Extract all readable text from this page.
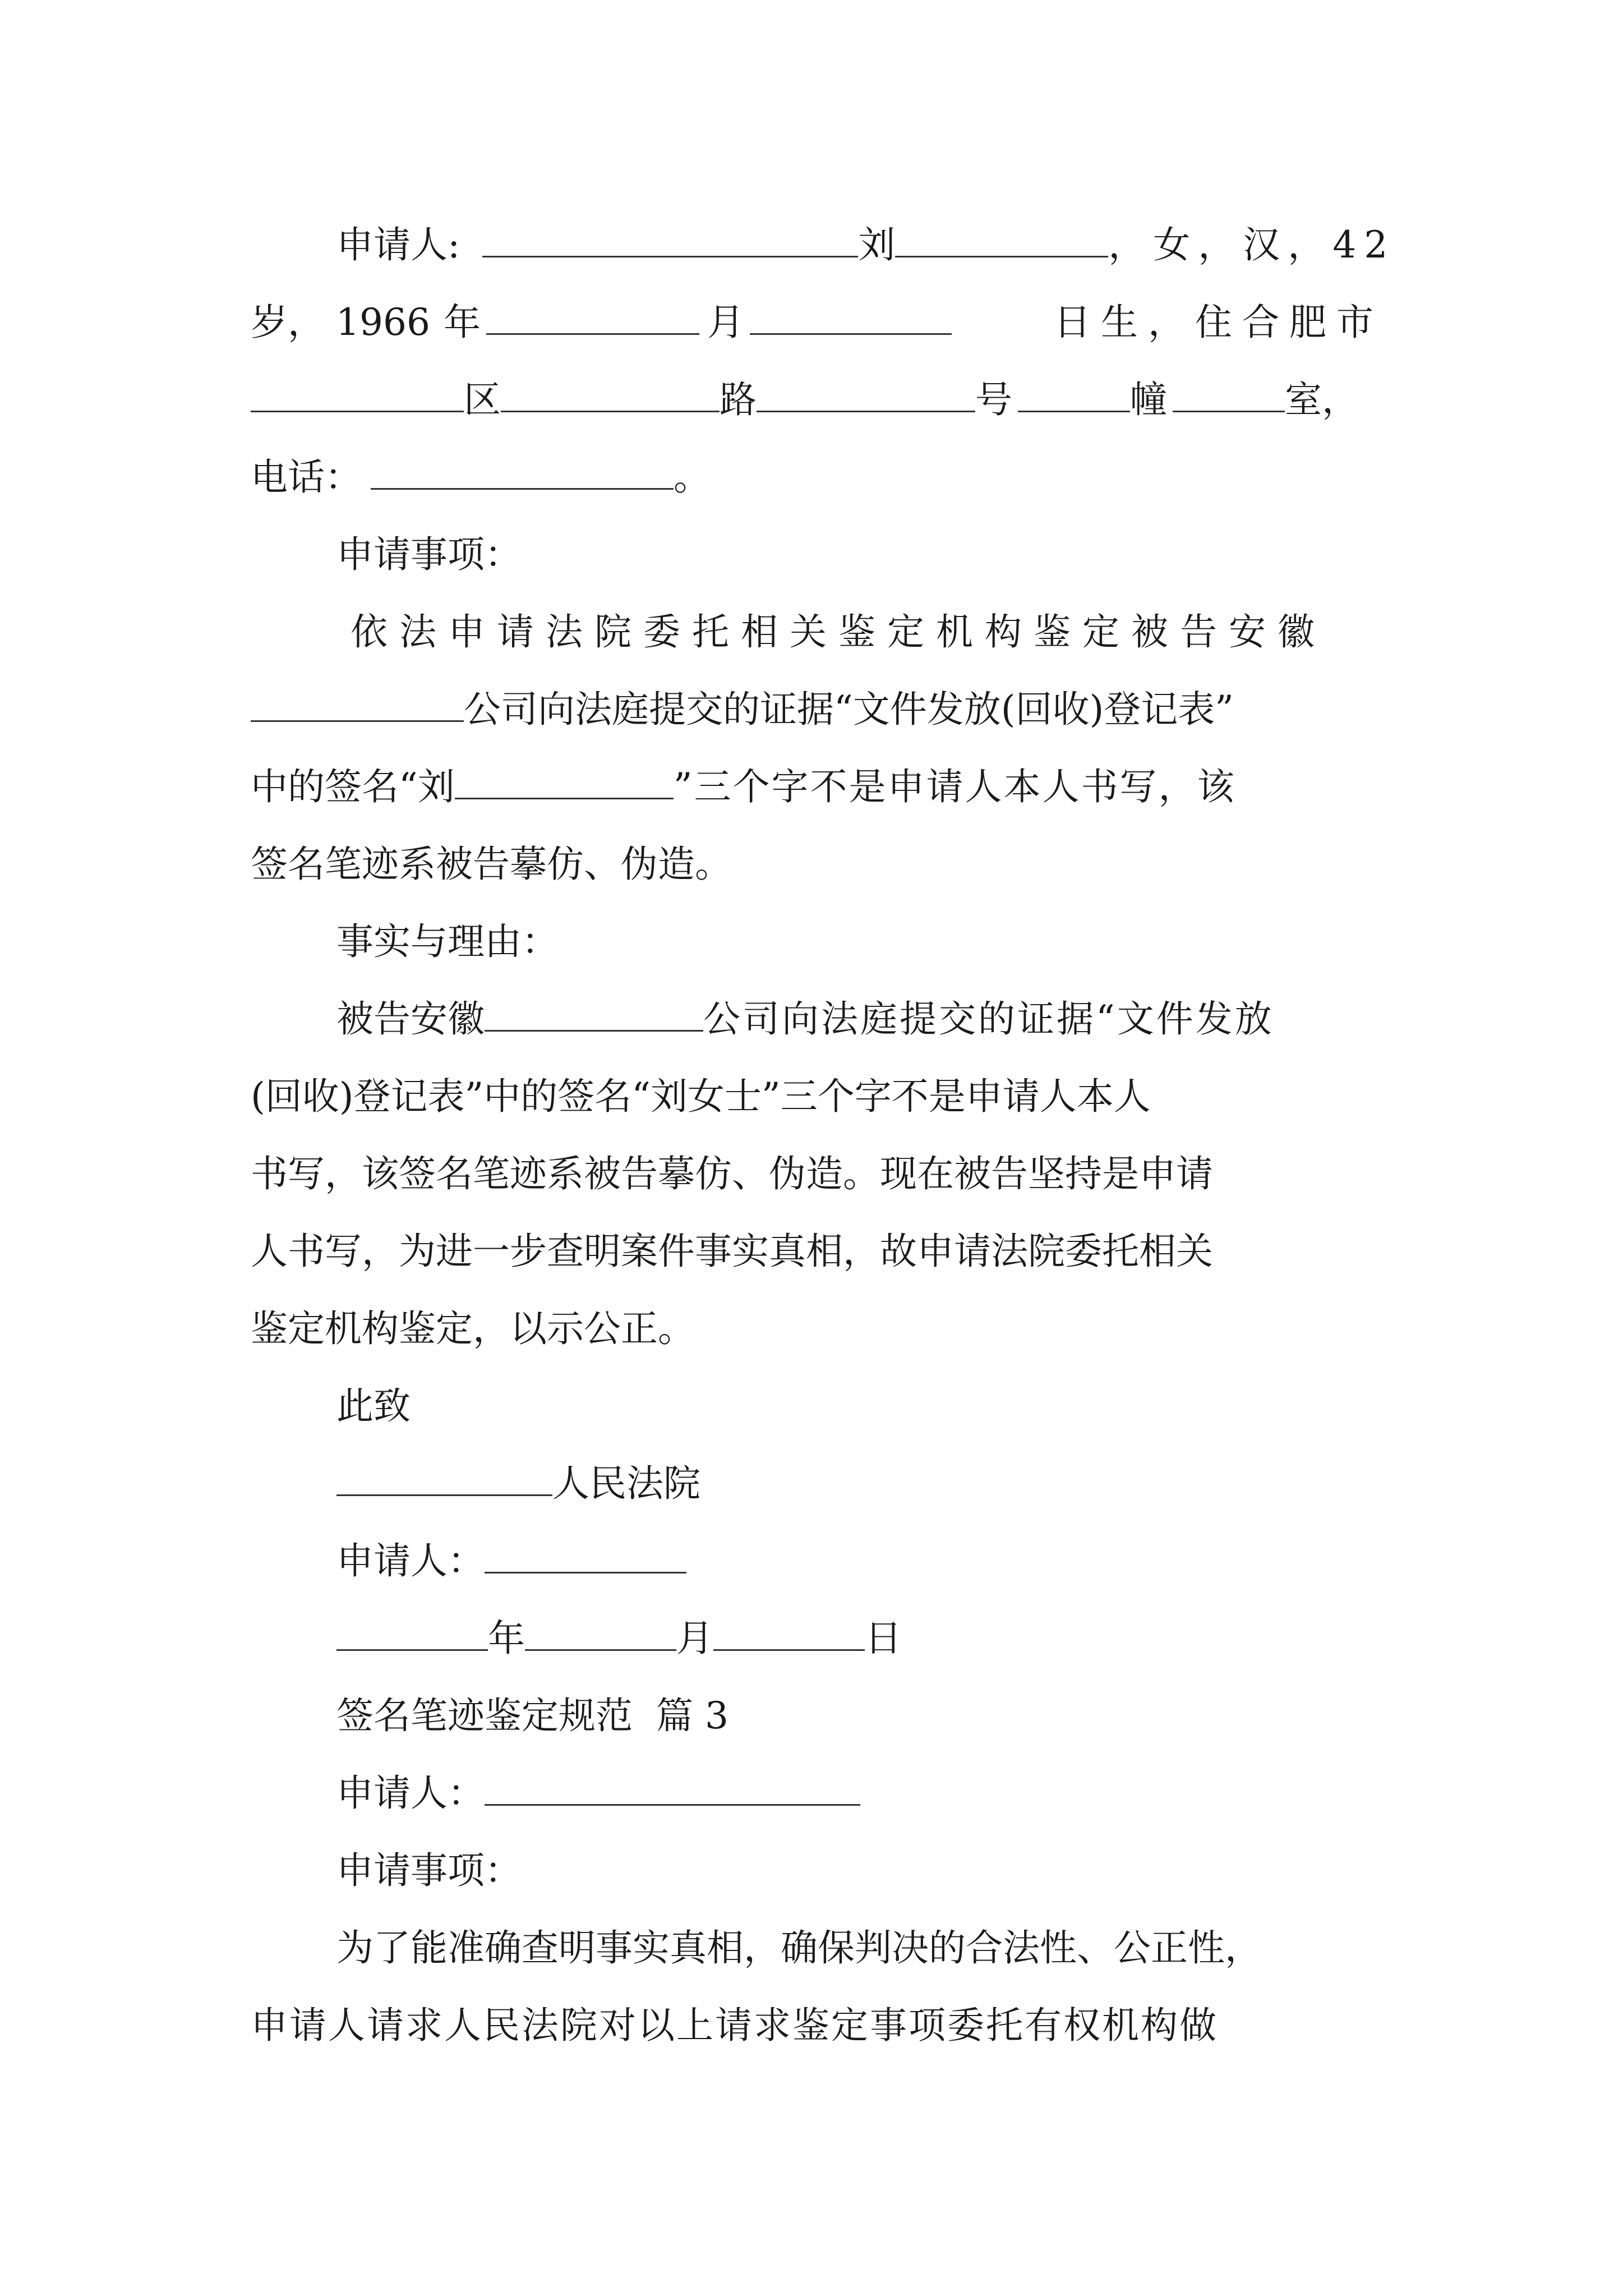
申请人:	刘	，女，汉，42
岁， 1966 年	月	日生，住合肥市
区	路	号	幢	室，
电话：	。
申请事项：
依法申请法院委托相关鉴定机构鉴定被告安徽
公司向法庭提交的证据“文件发放(回收)登记表”
中的签名“刘	”三个字不是申请人本人书写，该
签名笔迹系被告摹仿、伪造。
事实与理由：
被告安徽	公司向法庭提交的证据“文件发放
(回收)登记表”中的签名“刘女士”三个字不是申请人本人
书写，该签名笔迹系被告摹仿、伪造。现在被告坚持是申请
人书写，为进一步查明案件事实真相，故申请法院委托相关
鉴定机构鉴定，以示公正。
此致
人民法院
申请人：
年	月	日
签名笔迹鉴定规范  篇 3
申请人：
申请事项：
为了能准确查明事实真相，确保判决的合法性、公正性，
申请人请求人民法院对以上请求鉴定事项委托有权机构做
